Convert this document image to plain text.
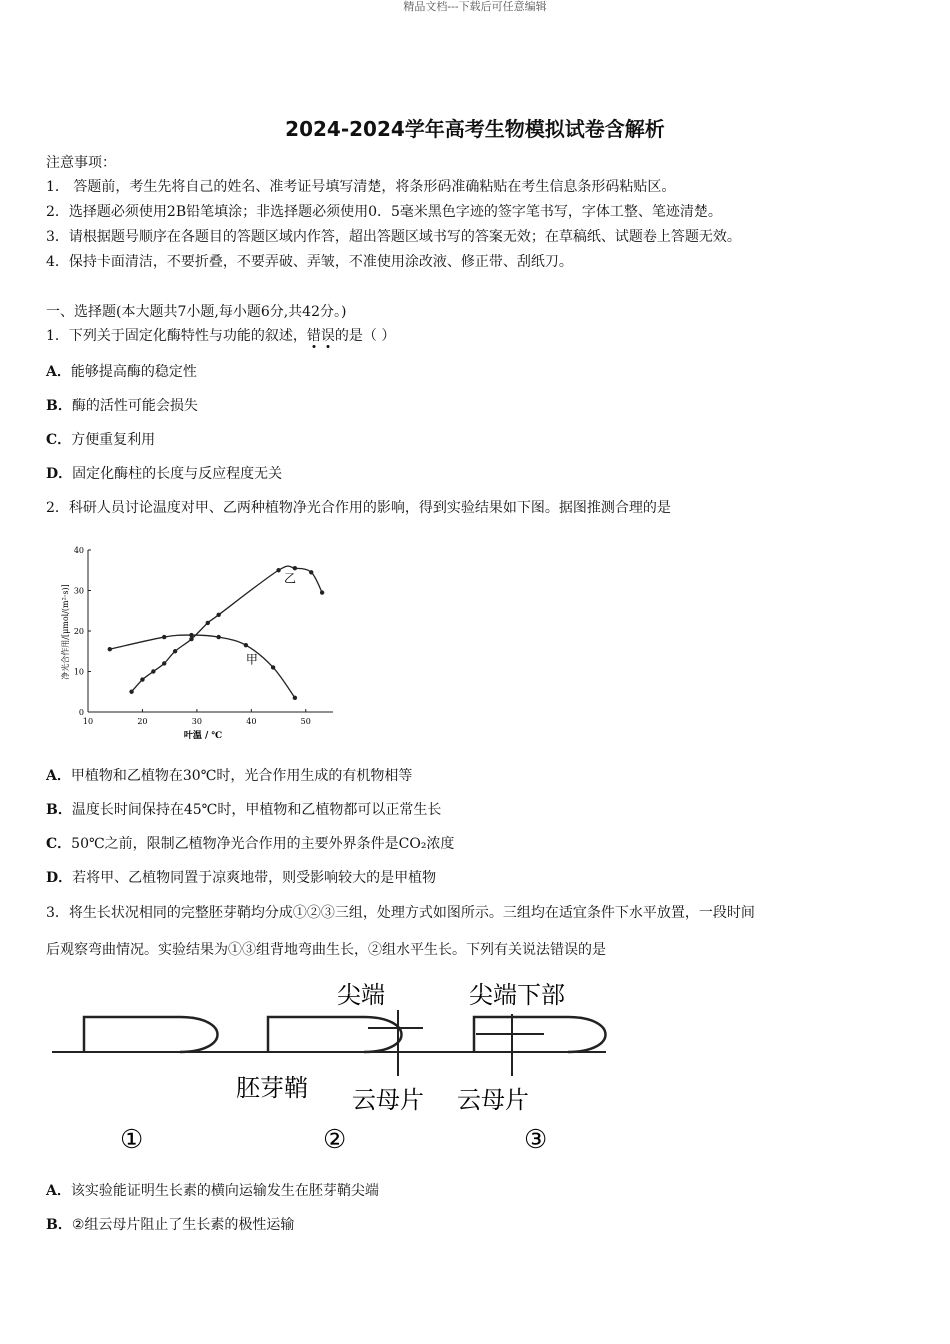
精品文档---下载后可任意编辑
2024-2024学年高考生物模拟试卷含解析
注意事项：
1． 答题前，考生先将自己的姓名、准考证号填写清楚，将条形码准确粘贴在考生信息条形码粘贴区。
2．选择题必须使用2B铅笔填涂；非选择题必须使用0．5毫米黑色字迹的签字笔书写，字体工整、笔迹清楚。
3．请根据题号顺序在各题目的答题区域内作答，超出答题区域书写的答案无效；在草稿纸、试题卷上答题无效。
4．保持卡面清洁，不要折叠，不要弄破、弄皱，不准使用涂改液、修正带、刮纸刀。
一、选择题(本大题共7小题,每小题6分,共42分。)
1．下列关于固定化酶特性与功能的叙述，错误的是（ ）
A．能够提高酶的稳定性
B．酶的活性可能会损失
C．方便重复利用
D．固定化酶柱的长度与反应程度无关
2．科研人员讨论温度对甲、乙两种植物净光合作用的影响，得到实验结果如下图。据图推测合理的是
10	20	30	40	50
0
10
20
30
40
净光合作用/[μmol/(m²·s)]
叶温 / ℃
甲
乙
A．甲植物和乙植物在30℃时，光合作用生成的有机物相等
B．温度长时间保持在45℃时，甲植物和乙植物都可以正常生长
C．50℃之前，限制乙植物净光合作用的主要外界条件是CO₂浓度
D．若将甲、乙植物同置于凉爽地带，则受影响较大的是甲植物
3．将生长状况相同的完整胚芽鞘均分成①②③三组，处理方式如图所示。三组均在适宜条件下水平放置，一段时间
后观察弯曲情况。实验结果为①③组背地弯曲生长，②组水平生长。下列有关说法错误的是
尖端	尖端下部
胚芽鞘 云母片 云母片
①	②	③
A．该实验能证明生长素的横向运输发生在胚芽鞘尖端
B．②组云母片阻止了生长素的极性运输
